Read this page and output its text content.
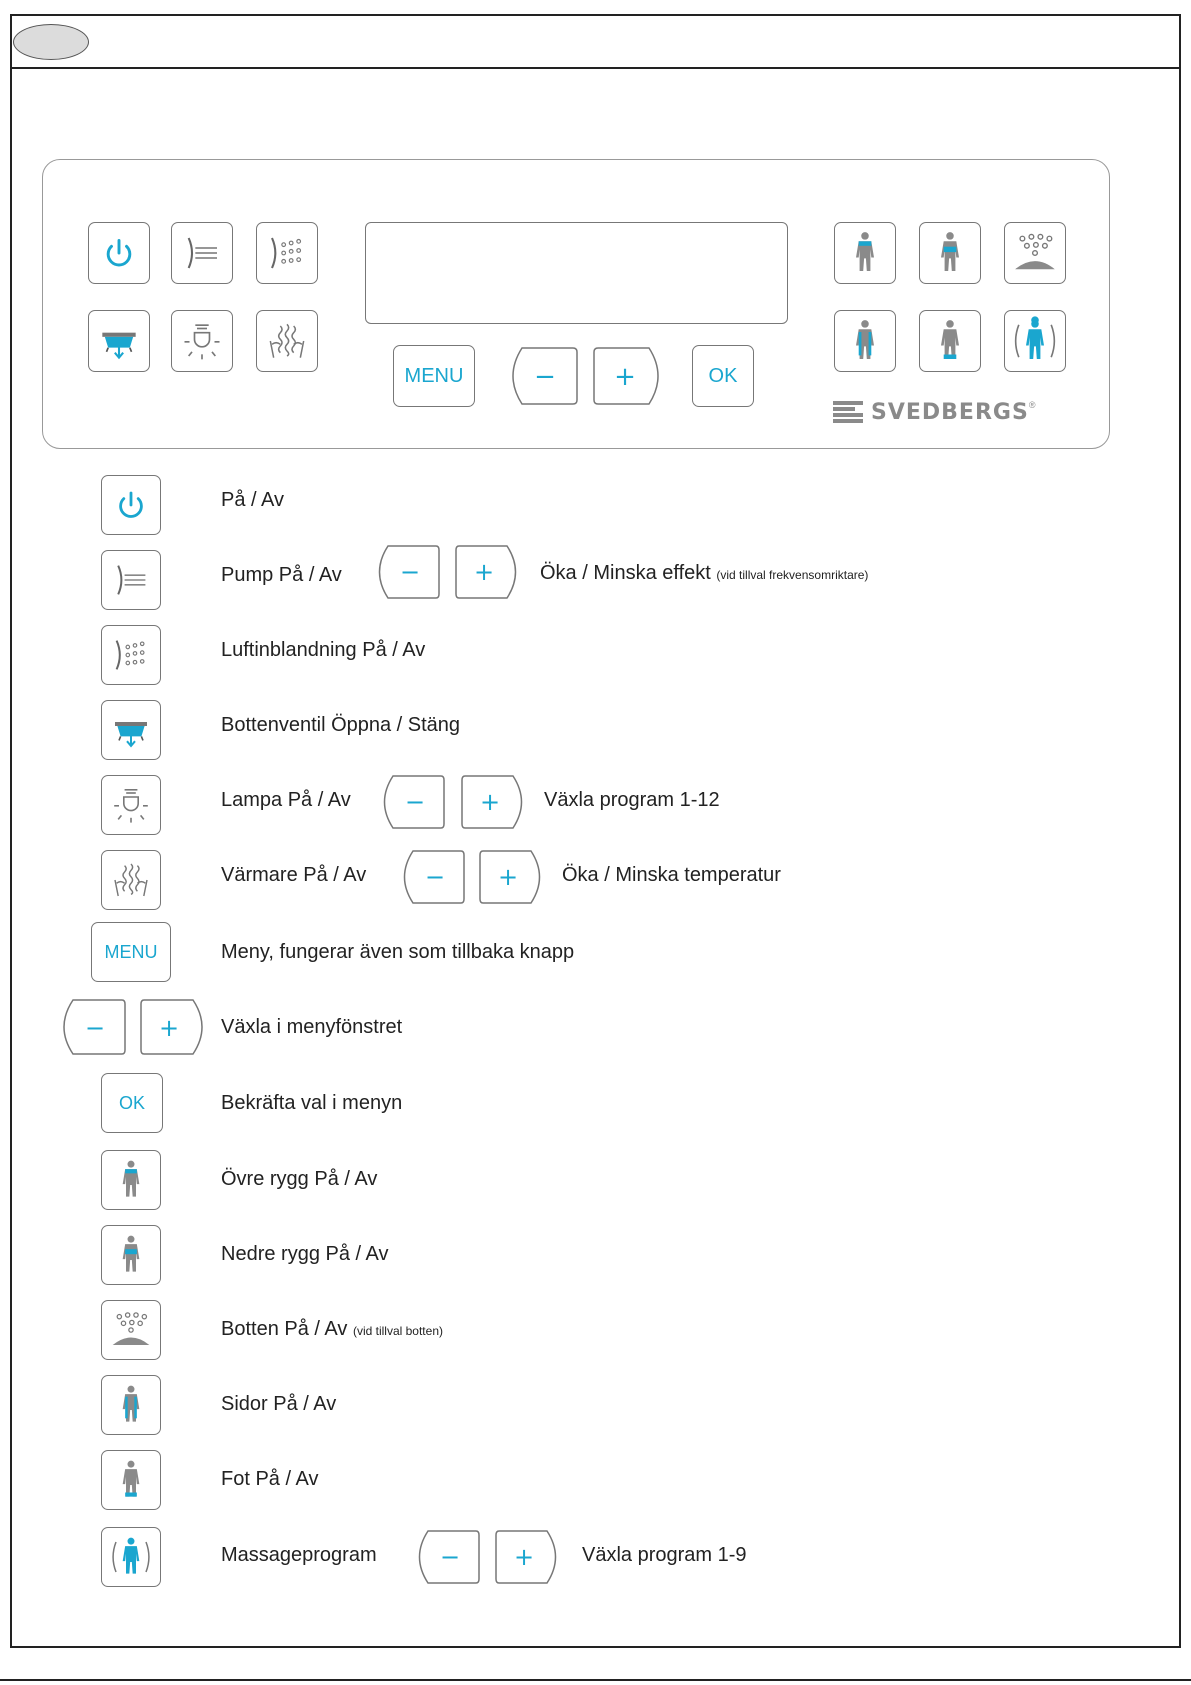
MENU	− +	OK
SVEDBERGS ®
På / Av
Pump På / Av − + Öka / Minska effekt (vid tillval frekvensomriktare)
Luftinblandning På / Av
Bottenventil Öppna / Stäng
Lampa På / Av − + Växla program 1-12
Värmare På / Av − + Öka / Minska temperatur
MENU	Meny, fungerar även som tillbaka knapp
− + Växla i menyfönstret
OK	Bekräfta val i menyn
Övre rygg På / Av
Nedre rygg På / Av
Botten På / Av (vid tillval botten)
Sidor På / Av
Fot På / Av
Massageprogram	− + Växla program 1-9
